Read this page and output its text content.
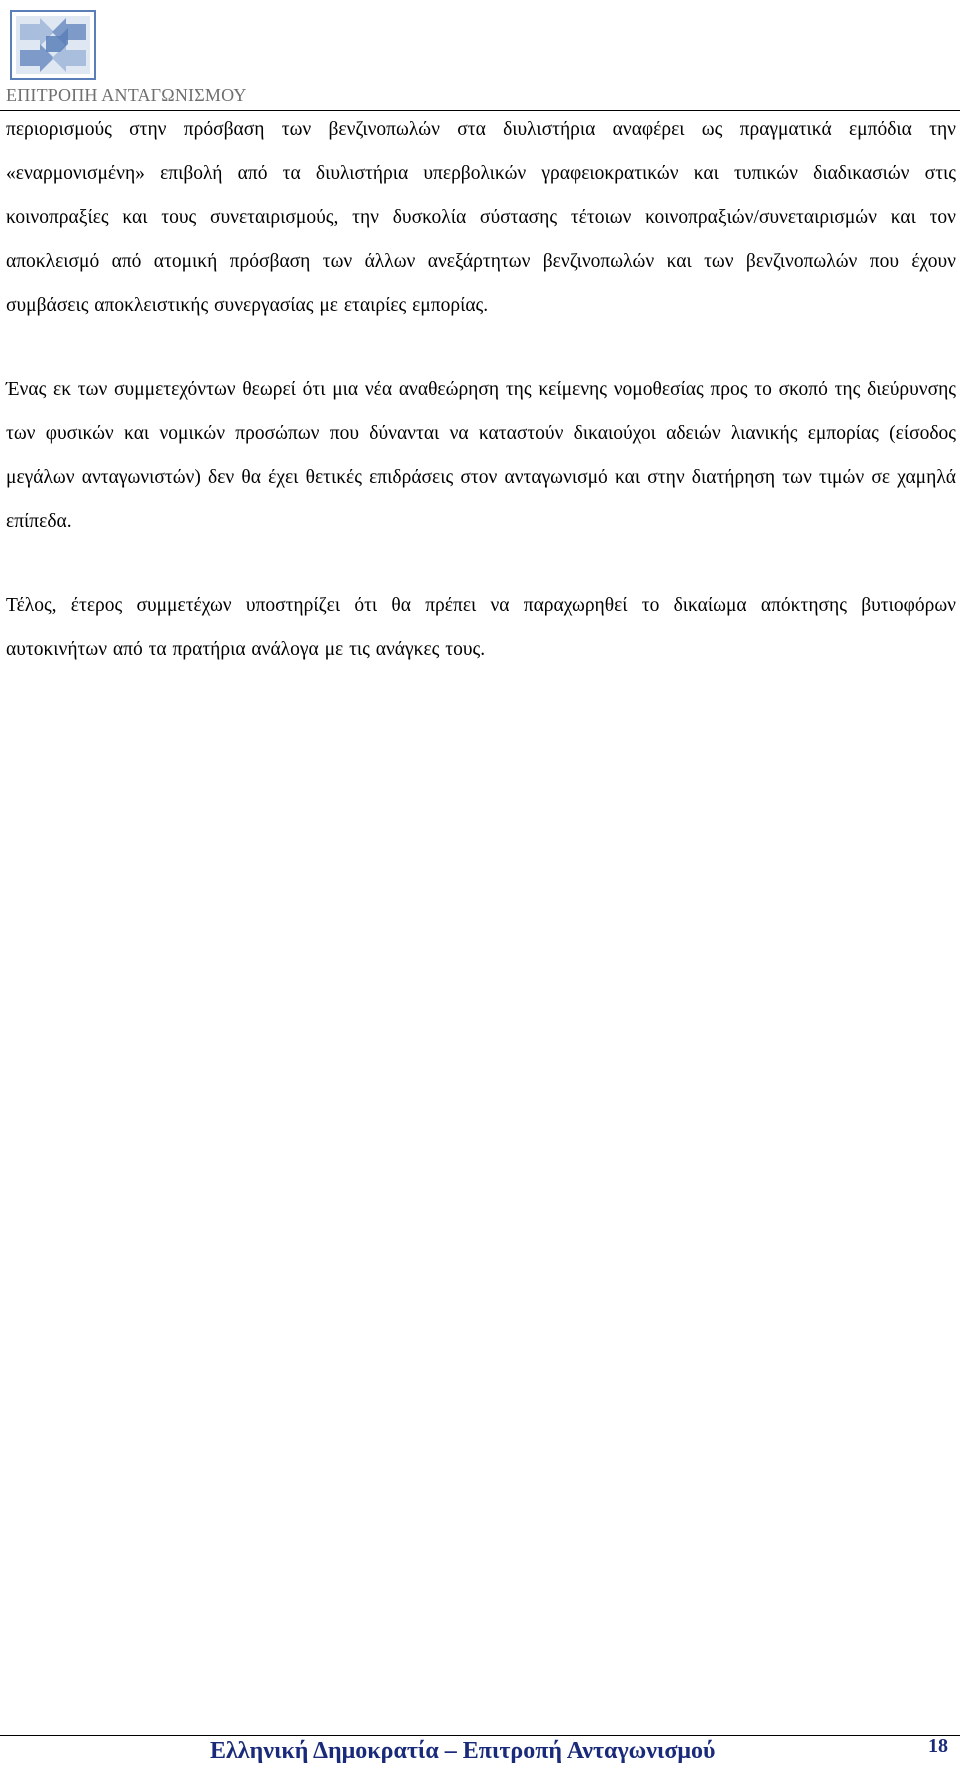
ΕΠΙΤΡΟΠΗ ΑΝΤΑΓΩΝΙΣΜΟΥ

περιορισμούς στην πρόσβαση των βενζινοπωλών στα διυλιστήρια αναφέρει ως πραγματικά εμπόδια την «εναρμονισμένη» επιβολή από τα διυλιστήρια υπερβολικών γραφειοκρατικών και τυπικών διαδικασιών στις κοινοπραξίες και τους συνεταιρισμούς, την δυσκολία σύστασης τέτοιων κοινοπραξιών/συνεταιρισμών και τον αποκλεισμό από ατομική πρόσβαση των άλλων ανεξάρτητων βενζινοπωλών και των βενζινοπωλών που έχουν συμβάσεις αποκλειστικής συνεργασίας με εταιρίες εμπορίας.

Ένας εκ των συμμετεχόντων θεωρεί ότι μια νέα αναθεώρηση της κείμενης νομοθεσίας προς το σκοπό της διεύρυνσης των φυσικών και νομικών προσώπων που δύνανται να καταστούν δικαιούχοι αδειών λιανικής εμπορίας (είσοδος μεγάλων ανταγωνιστών) δεν θα έχει θετικές επιδράσεις στον ανταγωνισμό και στην διατήρηση των τιμών σε χαμηλά επίπεδα.

Τέλος, έτερος συμμετέχων υποστηρίζει ότι θα πρέπει να παραχωρηθεί το δικαίωμα απόκτησης βυτιοφόρων αυτοκινήτων από τα πρατήρια ανάλογα με τις ανάγκες τους.

Ελληνική Δημοκρατία – Επιτροπή Ανταγωνισμού	18
